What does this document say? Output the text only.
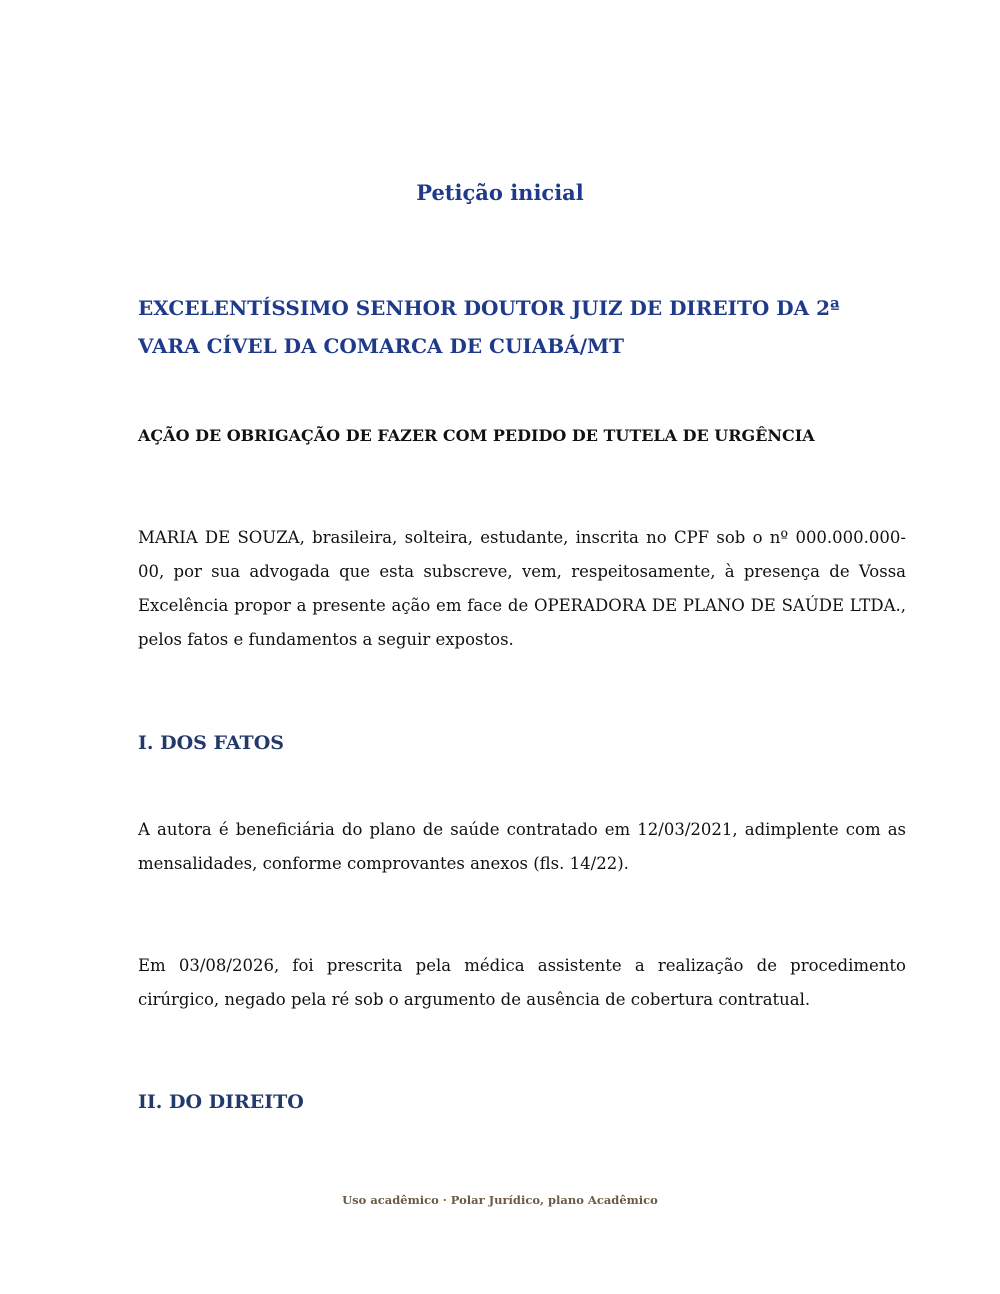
Petição inicial
EXCELENTÍSSIMO SENHOR DOUTOR JUIZ DE DIREITO DA 2ª VARA CÍVEL DA COMARCA DE CUIABÁ/MT
AÇÃO DE OBRIGAÇÃO DE FAZER COM PEDIDO DE TUTELA DE URGÊNCIA

MARIA DE SOUZA, brasileira, solteira, estudante, inscrita no CPF sob o nº 000.000.000-00, por sua advogada que esta subscreve, vem, respeitosamente, à presença de Vossa Excelência propor a presente ação em face de OPERADORA DE PLANO DE SAÚDE LTDA., pelos fatos e fundamentos a seguir expostos.

I. DOS FATOS

A autora é beneficiária do plano de saúde contratado em 12/03/2021, adimplente com as mensalidades, conforme comprovantes anexos (fls. 14/22).

Em 03/08/2026, foi prescrita pela médica assistente a realização de procedimento cirúrgico, negado pela ré sob o argumento de ausência de cobertura contratual.

II. DO DIREITO
Uso acadêmico · Polar Jurídico, plano Acadêmico
